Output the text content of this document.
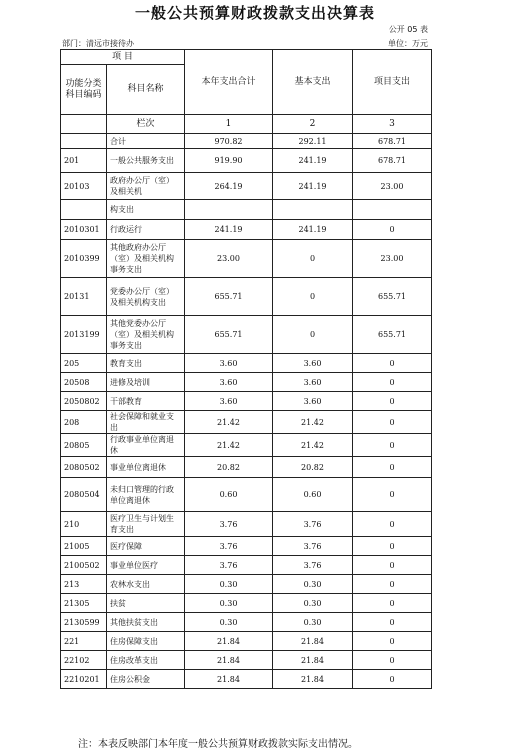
一般公共预算财政拨款支出决算表
公开 05 表
部门：清远市接待办	单位：万元
项 目		本年支出合计	基本支出	项目支出
功能分类科目编码	科目名称			

	栏次	1	2	3
	合计	970.82	292.11	678.71
201	一般公共服务支出	919.90	241.19	678.71
20103	政府办公厅（室）及相关机	264.19	241.19	23.00
	构支出			
2010301	行政运行	241.19	241.19	0
2010399	其他政府办公厅（室）及相关机构事务支出	23.00	0	23.00
20131	党委办公厅（室）及相关机构支出	655.71	0	655.71
2013199	其他党委办公厅（室）及相关机构事务支出	655.71	0	655.71
205	教育支出	3.60	3.60	0
20508	进修及培训	3.60	3.60	0
2050802	干部教育	3.60	3.60	0
208	社会保障和就业支出	21.42	21.42	0
20805	行政事业单位离退休	21.42	21.42	0
2080502	事业单位离退休	20.82	20.82	0
2080504	未归口管理的行政单位离退休	0.60	0.60	0
210	医疗卫生与计划生育支出	3.76	3.76	0
21005	医疗保障	3.76	3.76	0
2100502	事业单位医疗	3.76	3.76	0
213	农林水支出	0.30	0.30	0
21305	扶贫	0.30	0.30	0
2130599	其他扶贫支出	0.30	0.30	0
221	住房保障支出	21.84	21.84	0
22102	住房改革支出	21.84	21.84	0
2210201	住房公积金	21.84	21.84	0
注：本表反映部门本年度一般公共预算财政拨款实际支出情况。
